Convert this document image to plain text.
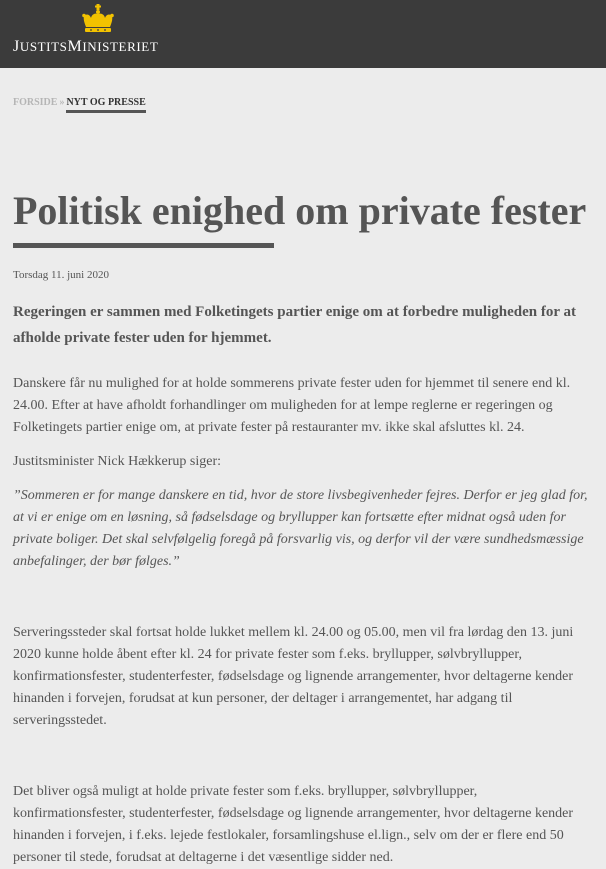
JUSTITSMINISTERIET
FORSIDE » NYT OG PRESSE
Politisk enighed om private fester
Torsdag 11. juni 2020

Regeringen er sammen med Folketingets partier enige om at forbedre muligheden for at afholde private fester uden for hjemmet.

Danskere får nu mulighed for at holde sommerens private fester uden for hjemmet til senere end kl. 24.00. Efter at have afholdt forhandlinger om muligheden for at lempe reglerne er regeringen og Folketingets partier enige om, at private fester på restauranter mv. ikke skal afsluttes kl. 24.

Justitsminister Nick Hækkerup siger:

”Sommeren er for mange danskere en tid, hvor de store livsbegivenheder fejres. Derfor er jeg glad for, at vi er enige om en løsning, så fødselsdage og bryllupper kan fortsætte efter midnat også uden for private boliger. Det skal selvfølgelig foregå på forsvarlig vis, og derfor vil der være sundhedsmæssige anbefalinger, der bør følges.”

Serveringssteder skal fortsat holde lukket mellem kl. 24.00 og 05.00, men vil fra lørdag den 13. juni 2020 kunne holde åbent efter kl. 24 for private fester som f.eks. bryllupper, sølvbryllupper, konfirmationsfester, studenterfester, fødselsdage og lignende arrangementer, hvor deltagerne kender hinanden i forvejen, forudsat at kun personer, der deltager i arrangementet, har adgang til serveringsstedet.

Det bliver også muligt at holde private fester som f.eks. bryllupper, sølvbryllupper, konfirmationsfester, studenterfester, fødselsdage og lignende arrangementer, hvor deltagerne kender hinanden i forvejen, i f.eks. lejede festlokaler, forsamlingshuse el.lign., selv om der er flere end 50 personer til stede, forudsat at deltagerne i det væsentlige sidder ned.
